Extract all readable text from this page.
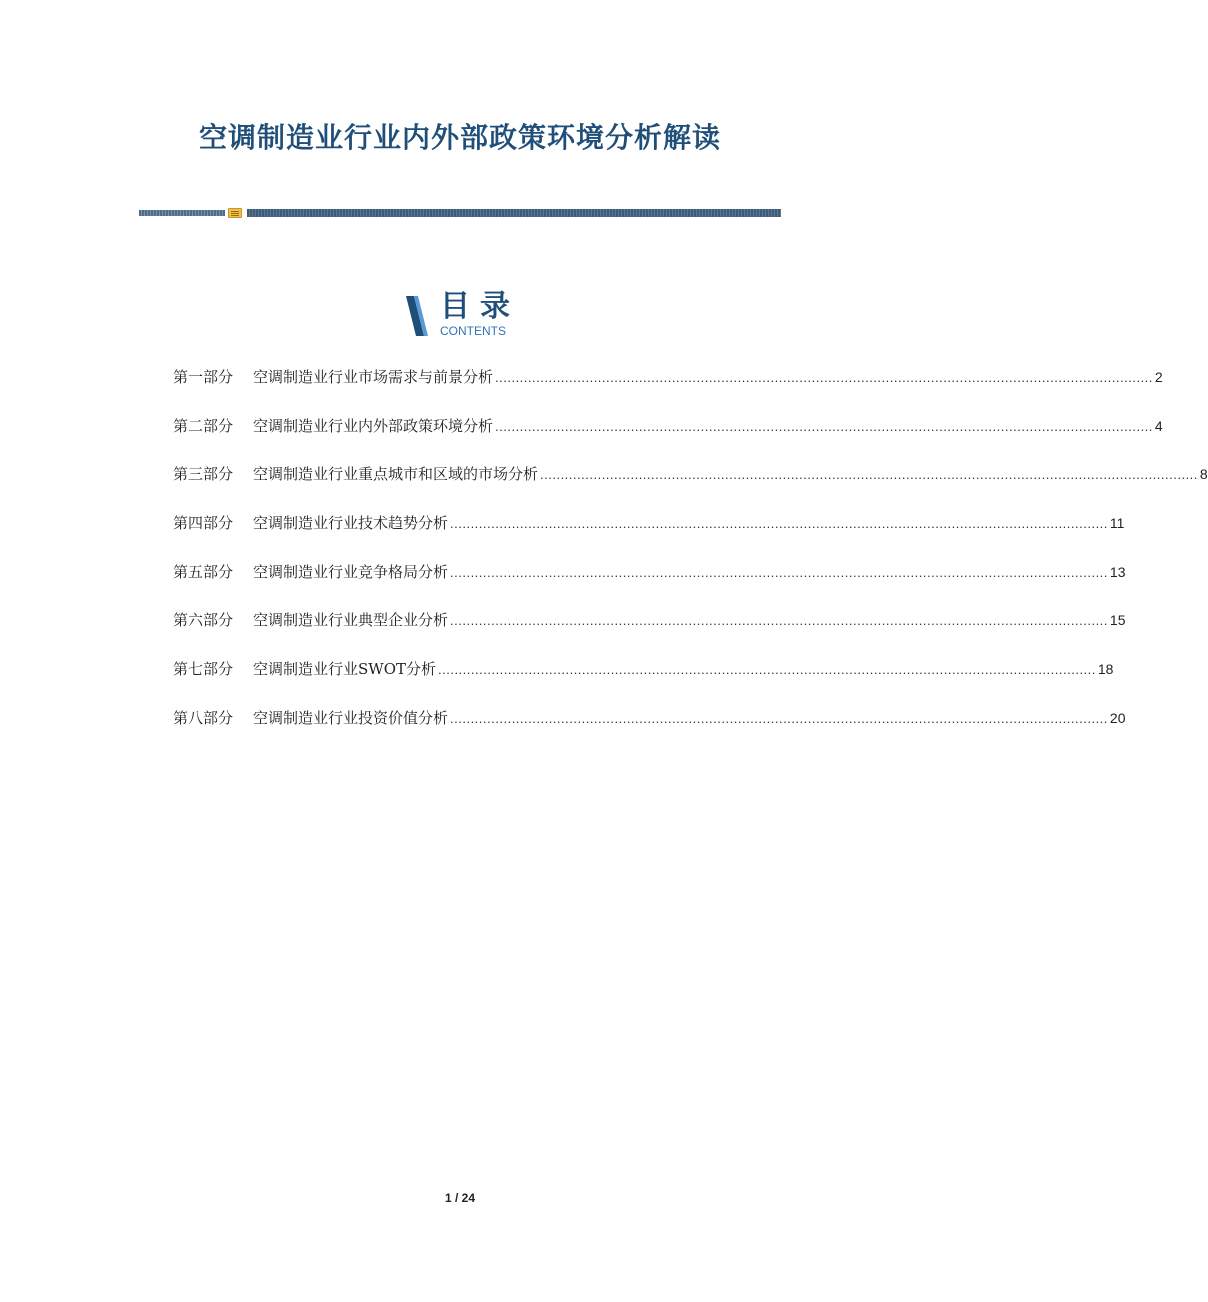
空调制造业行业内外部政策环境分析解读
目录
CONTENTS
第一部分	空调制造业行业市场需求与前景分析 ................................................................................................................................................................ 2
第二部分	空调制造业行业内外部政策环境分析 ................................................................................................................................................................ 4
第三部分	空调制造业行业重点城市和区域的市场分析 ................................................................................................................................................................ 8
第四部分	空调制造业行业技术趋势分析 ................................................................................................................................................................ 11
第五部分	空调制造业行业竞争格局分析 ................................................................................................................................................................ 13
第六部分	空调制造业行业典型企业分析 ................................................................................................................................................................ 15
第七部分	空调制造业行业SWOT分析 ................................................................................................................................................................ 18
第八部分	空调制造业行业投资价值分析 ................................................................................................................................................................ 20
1 / 24
